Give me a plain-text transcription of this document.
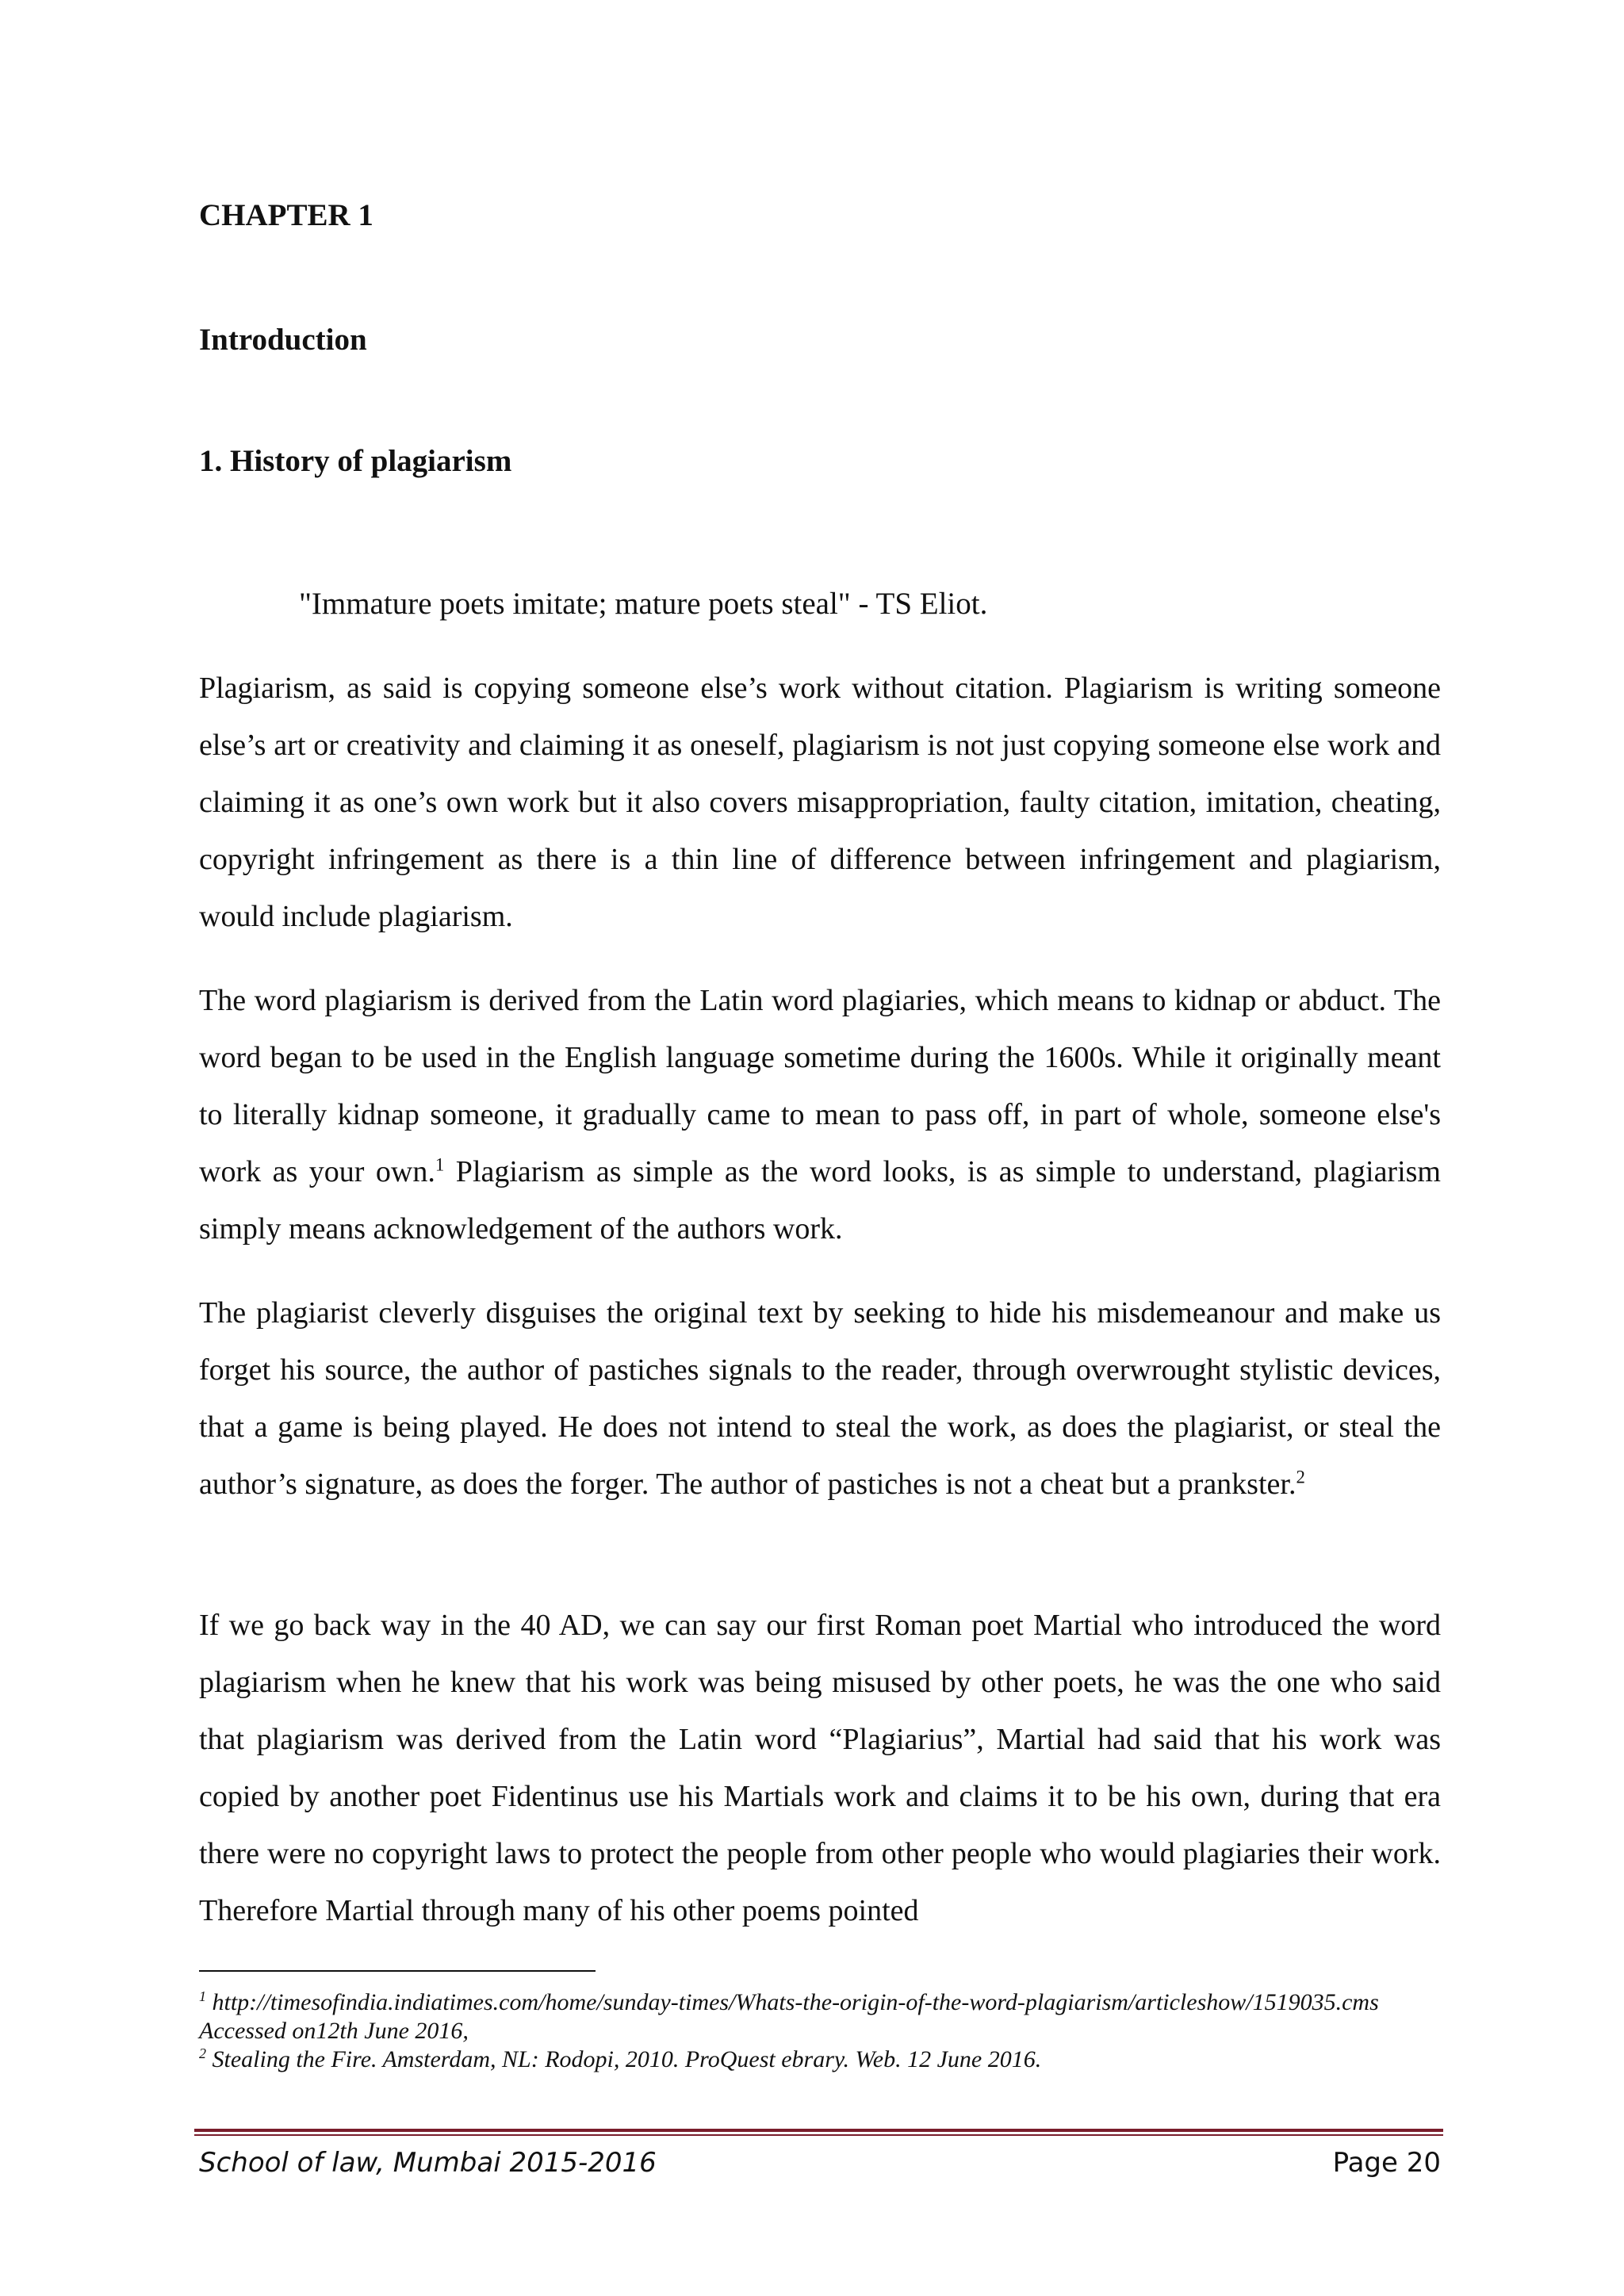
CHAPTER 1
Introduction
1. History of plagiarism

"Immature poets imitate; mature poets steal" - TS Eliot.

Plagiarism, as said is copying someone else’s work without citation. Plagiarism is writing someone else’s art or creativity and claiming it as oneself, plagiarism is not just copying someone else work and claiming it as one’s own work but it also covers misappropriation, faulty citation, imitation, cheating, copyright infringement as there is a thin line of difference between infringement and plagiarism, would include plagiarism.

The word plagiarism is derived from the Latin word plagiaries, which means to kidnap or abduct. The word began to be used in the English language sometime during the 1600s. While it originally meant to literally kidnap someone, it gradually came to mean to pass off, in part of whole, someone else's work as your own.$^1$ Plagiarism as simple as the word looks, is as simple to understand, plagiarism simply means acknowledgement of the authors work.

The plagiarist cleverly disguises the original text by seeking to hide his misdemeanour and make us forget his source, the author of pastiches signals to the reader, through overwrought stylistic devices, that a game is being played. He does not intend to steal the work, as does the plagiarist, or steal the author’s signature, as does the forger. The author of pastiches is not a cheat but a prankster.$^2$

If we go back way in the 40 AD, we can say our first Roman poet Martial who introduced the word plagiarism when he knew that his work was being misused by other poets, he was the one who said that plagiarism was derived from the Latin word “Plagiarius”, Martial had said that his work was copied by another poet Fidentinus use his Martials work and claims it to be his own, during that era there were no copyright laws to protect the people from other people who would plagiaries their work. Therefore Martial through many of his other poems pointed

$^1$ http://timesofindia.indiatimes.com/home/sunday-times/Whats-the-origin-of-the-word-plagiarism/articleshow/1519035.cms Accessed on12th June 2016,

$^2$ Stealing the Fire. Amsterdam, NL: Rodopi, 2010. ProQuest ebrary. Web. 12 June 2016.

School of law, Mumbai 2015-2016	Page 20
